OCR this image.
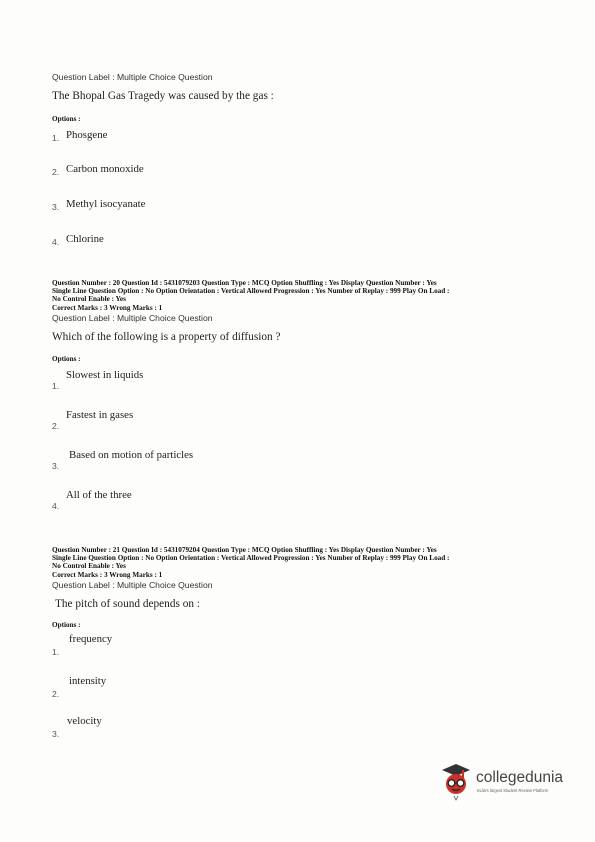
Question Label : Multiple Choice Question
The Bhopal Gas Tragedy was caused by the gas :
Options :
1. Phosgene
2. Carbon monoxide
3. Methyl isocyanate
4. Chlorine
Question Number : 20 Question Id : 5431079203 Question Type : MCQ Option Shuffling : Yes Display Question Number : Yes
Single Line Question Option : No Option Orientation : Vertical Allowed Progression : Yes Number of Replay : 999 Play On Load :
No Control Enable : Yes
Correct Marks : 3 Wrong Marks : 1
Question Label : Multiple Choice Question
Which of the following is a property of diffusion ?
Options :
1.
Slowest in liquids
2.
Fastest in gases
3.
Based on motion of particles
4.
All of the three
Question Number : 21 Question Id : 5431079204 Question Type : MCQ Option Shuffling : Yes Display Question Number : Yes
Single Line Question Option : No Option Orientation : Vertical Allowed Progression : Yes Number of Replay : 999 Play On Load :
No Control Enable : Yes
Correct Marks : 3 Wrong Marks : 1
Question Label : Multiple Choice Question
The pitch of sound depends on :
Options :
1.
frequency
2.
intensity
3.
velocity
collegedunia
India's largest Student Review Platform
